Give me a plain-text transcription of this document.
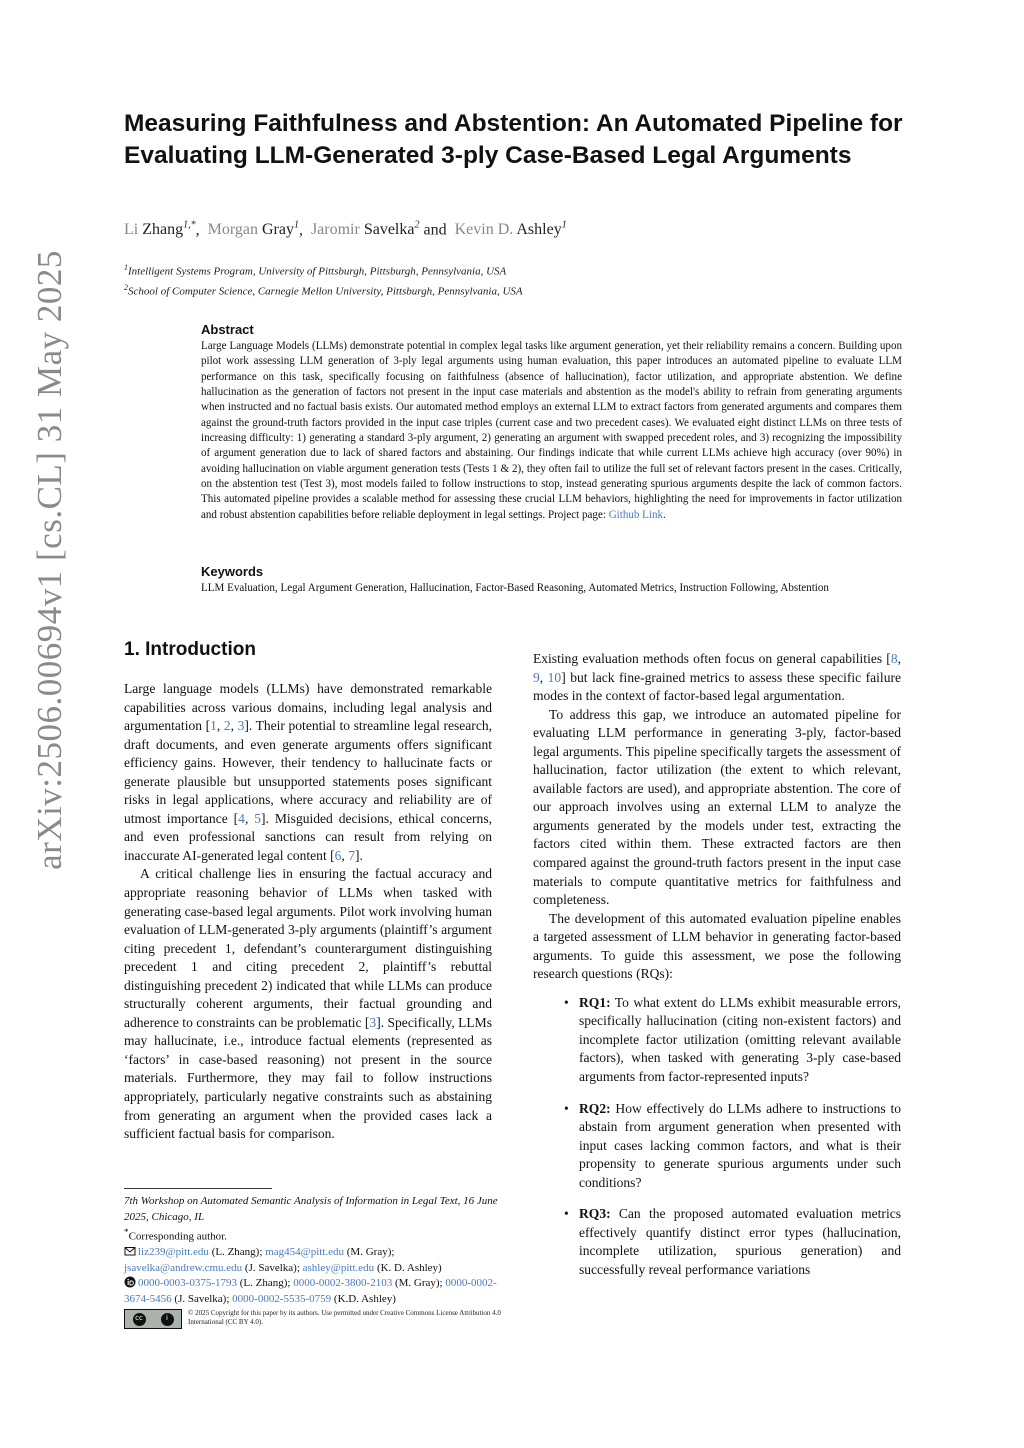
arXiv:2506.00694v1 [cs.CL] 31 May 2025
Measuring Faithfulness and Abstention: An Automated Pipeline for Evaluating LLM-Generated 3-ply Case-Based Legal Arguments
Li Zhang$^{1,*}$,  Morgan Gray$^1$,  Jaromir Savelka$^2$ and  Kevin D. Ashley$^1$
$^1$Intelligent Systems Program, University of Pittsburgh, Pittsburgh, Pennsylvania, USA
$^2$School of Computer Science, Carnegie Mellon University, Pittsburgh, Pennsylvania, USA
Abstract

Large Language Models (LLMs) demonstrate potential in complex legal tasks like argument generation, yet their reliability remains a concern. Building upon pilot work assessing LLM generation of 3-ply legal arguments using human evaluation, this paper introduces an automated pipeline to evaluate LLM performance on this task, specifically focusing on faithfulness (absence of hallucination), factor utilization, and appropriate abstention. We define hallucination as the generation of factors not present in the input case materials and abstention as the model's ability to refrain from generating arguments when instructed and no factual basis exists. Our automated method employs an external LLM to extract factors from generated arguments and compares them against the ground-truth factors provided in the input case triples (current case and two precedent cases). We evaluated eight distinct LLMs on three tests of increasing difficulty: 1) generating a standard 3-ply argument, 2) generating an argument with swapped precedent roles, and 3) recognizing the impossibility of argument generation due to lack of shared factors and abstaining. Our findings indicate that while current LLMs achieve high accuracy (over 90%) in avoiding hallucination on viable argument generation tests (Tests 1 & 2), they often fail to utilize the full set of relevant factors present in the cases. Critically, on the abstention test (Test 3), most models failed to follow instructions to stop, instead generating spurious arguments despite the lack of common factors. This automated pipeline provides a scalable method for assessing these crucial LLM behaviors, highlighting the need for improvements in factor utilization and robust abstention capabilities before reliable deployment in legal settings. Project page: Github Link.

Keywords

LLM Evaluation, Legal Argument Generation, Hallucination, Factor-Based Reasoning, Automated Metrics, Instruction Following, Abstention

1. Introduction

Large language models (LLMs) have demonstrated remarkable capabilities across various domains, including legal analysis and argumentation [1, 2, 3]. Their potential to streamline legal research, draft documents, and even generate arguments offers significant efficiency gains. However, their tendency to hallucinate facts or generate plausible but unsupported statements poses significant risks in legal applications, where accuracy and reliability are of utmost importance [4, 5]. Misguided decisions, ethical concerns, and even professional sanctions can result from relying on inaccurate AI-generated legal content [6, 7].

A critical challenge lies in ensuring the factual accuracy and appropriate reasoning behavior of LLMs when tasked with generating case-based legal arguments. Pilot work involving human evaluation of LLM-generated 3-ply arguments (plaintiff’s argument citing precedent 1, defendant’s counterargument distinguishing precedent 1 and citing precedent 2, plaintiff’s rebuttal distinguishing precedent 2) indicated that while LLMs can produce structurally coherent arguments, their factual grounding and adherence to constraints can be problematic [3]. Specifically, LLMs may hallucinate, i.e., introduce factual elements (represented as ‘factors’ in case-based reasoning) not present in the source materials. Furthermore, they may fail to follow instructions appropriately, particularly negative constraints such as abstaining from generating an argument when the provided cases lack a sufficient factual basis for comparison.

Existing evaluation methods often focus on general capabilities [8, 9, 10] but lack fine-grained metrics to assess these specific failure modes in the context of factor-based legal argumentation.

To address this gap, we introduce an automated pipeline for evaluating LLM performance in generating 3-ply, factor-based legal arguments. This pipeline specifically targets the assessment of hallucination, factor utilization (the extent to which relevant, available factors are used), and appropriate abstention. The core of our approach involves using an external LLM to analyze the arguments generated by the models under test, extracting the factors cited within them. These extracted factors are then compared against the ground-truth factors present in the input case materials to compute quantitative metrics for faithfulness and completeness.

The development of this automated evaluation pipeline enables a targeted assessment of LLM behavior in generating factor-based arguments. To guide this assessment, we pose the following research questions (RQs):

• RQ1: To what extent do LLMs exhibit measurable errors, specifically hallucination (citing non-existent factors) and incomplete factor utilization (omitting relevant available factors), when tasked with generating 3-ply case-based arguments from factor-represented inputs?
• RQ2: How effectively do LLMs adhere to instructions to abstain from argument generation when presented with input cases lacking common factors, and what is their propensity to generate spurious arguments under such conditions?
• RQ3: Can the proposed automated evaluation metrics effectively quantify distinct error types (hallucination, incomplete utilization, spurious generation) and successfully reveal performance variations
7th Workshop on Automated Semantic Analysis of Information in Legal Text, 16 June 2025, Chicago, IL
*Corresponding author.
liz239@pitt.edu (L. Zhang); mag454@pitt.edu (M. Gray); jsavelka@andrew.cmu.edu (J. Savelka); ashley@pitt.edu (K. D. Ashley)
0000-0003-0375-1793 (L. Zhang); 0000-0002-3800-2103 (M. Gray); 0000-0002-3674-5456 (J. Savelka); 0000-0002-5535-0759 (K.D. Ashley)
cc	i
© 2025 Copyright for this paper by its authors. Use permitted under Creative Commons License Attribution 4.0 International (CC BY 4.0).
